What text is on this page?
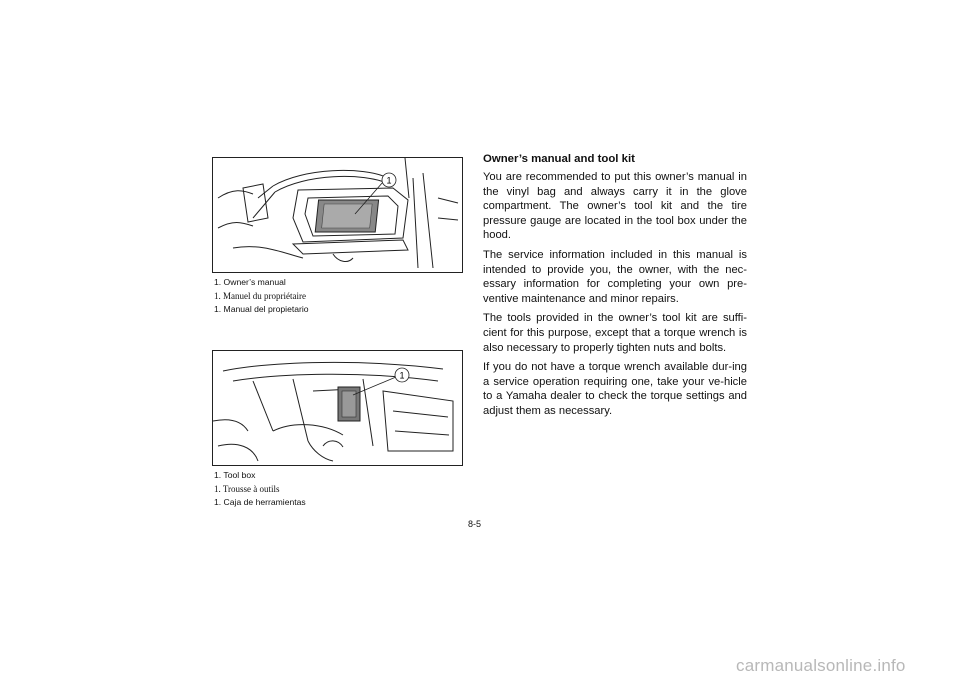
1
1. Owner’s manual
1. Manuel du propriétaire
1. Manual del propietario
1
1. Tool box
1. Trousse à outils
1. Caja de herramientas
Owner’s manual and tool kit

You are recommended to put this owner’s manual in the vinyl bag and always carry it in the glove compartment. The owner’s tool kit and the tire pressure gauge are located in the tool box under the hood.

The service information included in this manual is intended to provide you, the owner, with the nec-essary information for completing your own pre-ventive maintenance and minor repairs.

The tools provided in the owner’s tool kit are suffi-cient for this purpose, except that a torque wrench is also necessary to properly tighten nuts and bolts.

If you do not have a torque wrench available dur-ing a service operation requiring one, take your ve-hicle to a Yamaha dealer to check the torque settings and adjust them as necessary.

8-5
carmanualsonline.info
